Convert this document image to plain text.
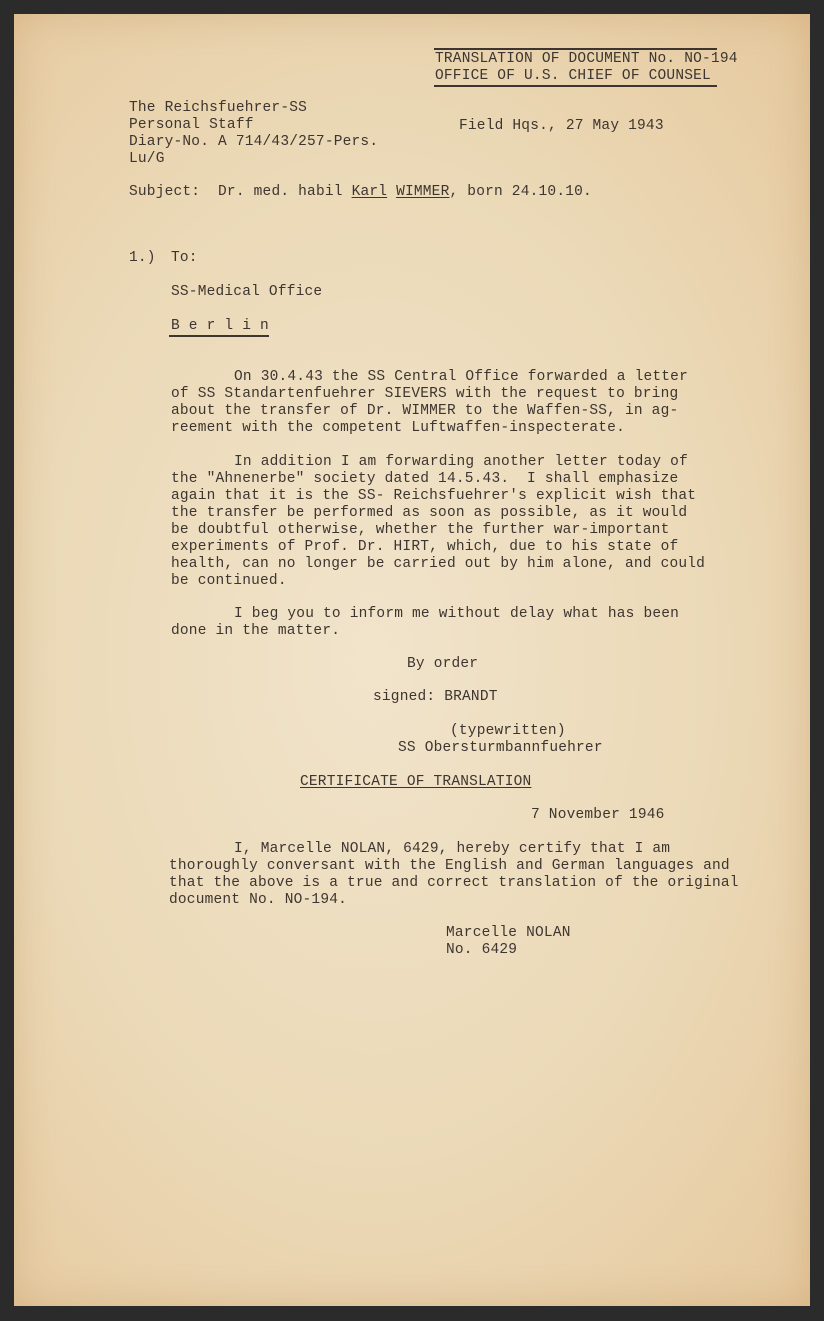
TRANSLATION OF DOCUMENT No. NO-194
OFFICE OF U.S. CHIEF OF COUNSEL
The Reichsfuehrer-SS
Personal Staff
Diary-No. A 714/43/257-Pers.
Lu/G
Field Hqs., 27 May 1943
Subject: Dr. med. habil Karl WIMMER, born 24.10.10.
1.) To:
SS-Medical Office
B e r l i n
On 30.4.43 the SS Central Office forwarded a letter
of SS Standartenfuehrer SIEVERS with the request to bring
about the transfer of Dr. WIMMER to the Waffen-SS, in ag-
reement with the competent Luftwaffen-inspecterate.
In addition I am forwarding another letter today of
the "Ahnenerbe" society dated 14.5.43.  I shall emphasize
again that it is the SS- Reichsfuehrer's explicit wish that
the transfer be performed as soon as possible, as it would
be doubtful otherwise, whether the further war-important
experiments of Prof. Dr. HIRT, which, due to his state of
health, can no longer be carried out by him alone, and could
be continued.
I beg you to inform me without delay what has been
done in the matter.
By order
signed: BRANDT
(typewritten)
SS Obersturmbannfuehrer
CERTIFICATE OF TRANSLATION
7 November 1946
I, Marcelle NOLAN, 6429, hereby certify that I am
thoroughly conversant with the English and German languages and
that the above is a true and correct translation of the original
document No. NO-194.
Marcelle NOLAN
No. 6429
